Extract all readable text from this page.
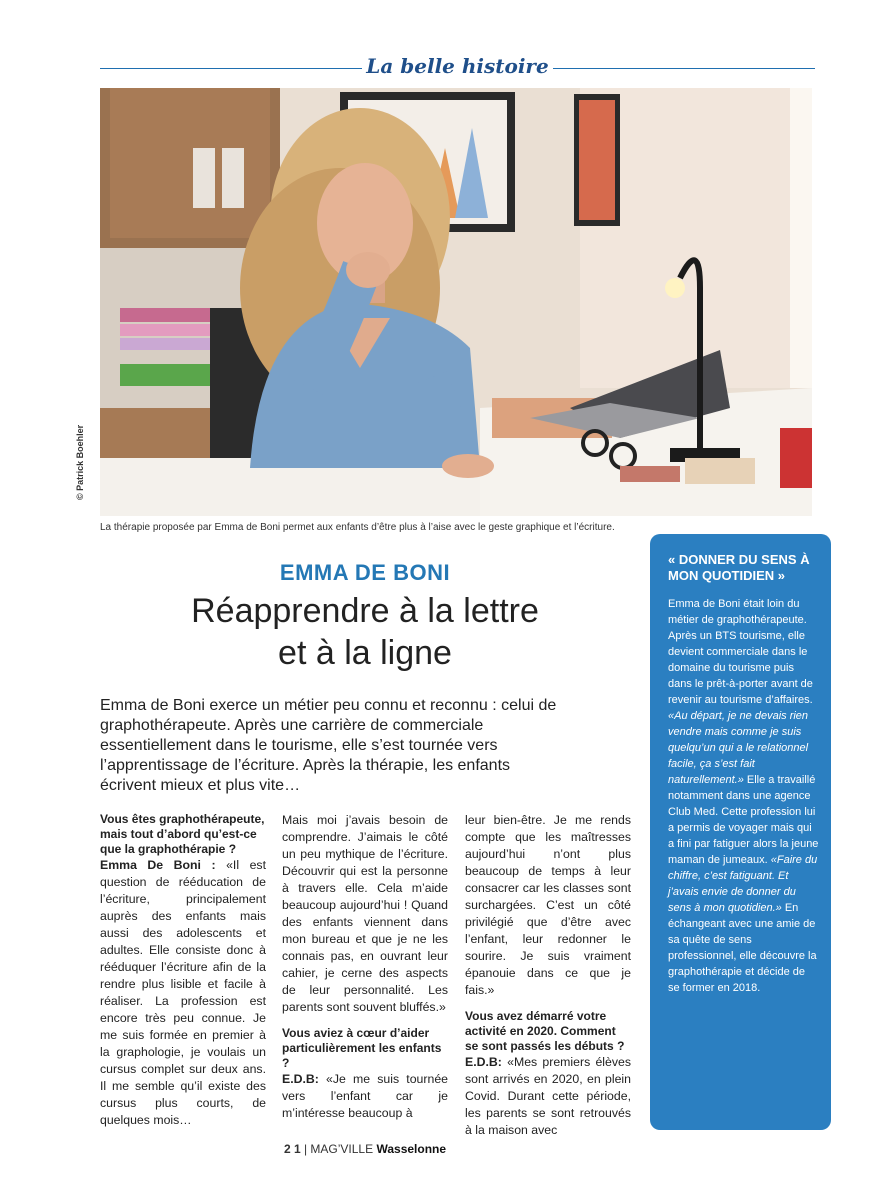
La belle histoire
© Patrick Boehler
La thérapie proposée par Emma de Boni permet aux enfants d’être plus à l’aise avec le geste graphique et l’écriture.
EMMA DE BONI
Réapprendre à la lettre
et à la ligne
Emma de Boni exerce un métier peu connu et reconnu : celui de graphothérapeute. Après une carrière de commerciale essentiellement dans le tourisme, elle s’est tournée vers l’apprentissage de l’écriture. Après la thérapie, les enfants écrivent mieux et plus vite…

Vous êtes graphothérapeute, mais tout d’abord qu’est-ce que la graphothérapie ?

Emma De Boni : «Il est question de rééducation de l’écriture, principalement auprès des enfants mais aussi des adolescents et adultes. Elle consiste donc à rééduquer l’écriture afin de la rendre plus lisible et facile à réaliser. La profession est encore très peu connue. Je me suis formée en premier à la graphologie, je voulais un cursus complet sur deux ans. Il me semble qu’il existe des cursus plus courts, de quelques mois…

Mais moi j’avais besoin de comprendre. J’aimais le côté un peu mythique de l’écriture. Découvrir qui est la personne à travers elle. Cela m’aide beaucoup aujourd’hui ! Quand des enfants viennent dans mon bureau et que je ne les connais pas, en ouvrant leur cahier, je cerne des aspects de leur personnalité. Les parents sont souvent bluffés.»

Vous aviez à cœur d’aider particulièrement les enfants ?

E.D.B: «Je me suis tournée vers l’enfant car je m’intéresse beaucoup à

leur bien-être. Je me rends compte que les maîtresses aujourd’hui n’ont plus beaucoup de temps à leur consacrer car les classes sont surchargées. C’est un côté privilégié que d’être avec l’enfant, leur redonner le sourire. Je suis vraiment épanouie dans ce que je fais.»

Vous avez démarré votre activité en 2020. Comment se sont passés les débuts ?

E.D.B: «Mes premiers élèves sont arrivés en 2020, en plein Covid. Durant cette période, les parents se sont retrouvés à la maison avec

« DONNER DU SENS À MON QUOTIDIEN »
Emma de Boni était loin du métier de graphothérapeute. Après un BTS tourisme, elle devient commerciale dans le domaine du tourisme puis dans le prêt-à-porter avant de revenir au tourisme d’affaires. «Au départ, je ne devais rien vendre mais comme je suis quelqu’un qui a le relationnel facile, ça s’est fait naturellement.» Elle a travaillé notamment dans une agence Club Med. Cette profession lui a permis de voyager mais qui a fini par fatiguer alors la jeune maman de jumeaux. «Faire du chiffre, c’est fatiguant. Et j’avais envie de donner du sens à mon quotidien.» En échangeant avec une amie de sa quête de sens professionnel, elle découvre la graphothérapie et décide de se former en 2018.
2 1 | MAG’VILLE Wasselonne
